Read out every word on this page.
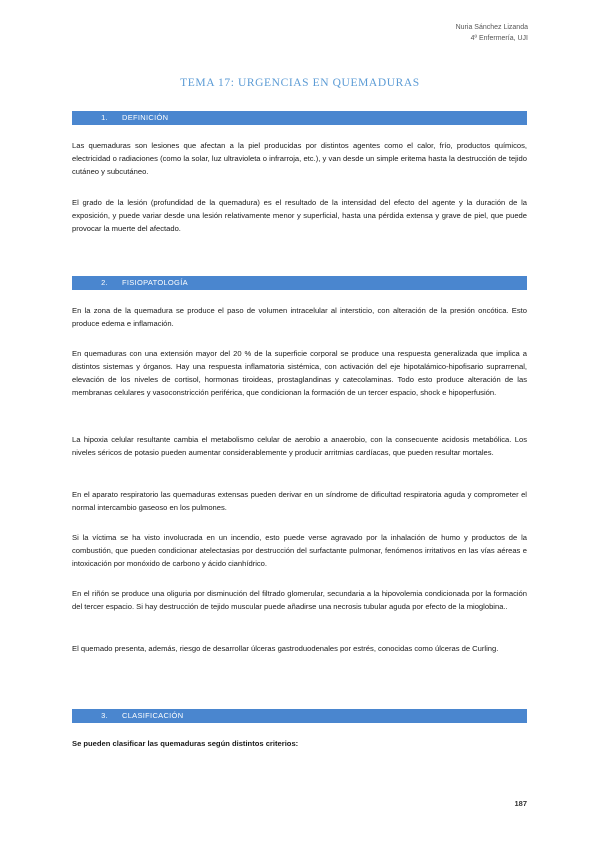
Nuria Sánchez Lizanda
4º Enfermería, UJI
TEMA 17: URGENCIAS EN QUEMADURAS
1. DEFINICIÓN

Las quemaduras son lesiones que afectan a la piel producidas por distintos agentes como el calor, frío, productos químicos, electricidad o radiaciones (como la solar, luz ultravioleta o infrarroja, etc.), y van desde un simple eritema hasta la destrucción de tejido cutáneo y subcutáneo.

El grado de la lesión (profundidad de la quemadura) es el resultado de la intensidad del efecto del agente y la duración de la exposición, y puede variar desde una lesión relativamente menor y superficial, hasta una pérdida extensa y grave de piel, que puede provocar la muerte del afectado.

2. FISIOPATOLOGÍA

En la zona de la quemadura se produce el paso de volumen intracelular al intersticio, con alteración de la presión oncótica. Esto produce edema e inflamación.

En quemaduras con una extensión mayor del 20 % de la superficie corporal se produce una respuesta generalizada que implica a distintos sistemas y órganos. Hay una respuesta inflamatoria sistémica, con activación del eje hipotalámico-hipofisario suprarrenal, elevación de los niveles de cortisol, hormonas tiroideas, prostaglandinas y catecolaminas. Todo esto produce alteración de las membranas celulares y vasoconstricción periférica, que condicionan la formación de un tercer espacio, shock e hipoperfusión.

La hipoxia celular resultante cambia el metabolismo celular de aerobio a anaerobio, con la consecuente acidosis metabólica. Los niveles séricos de potasio pueden aumentar considerablemente y producir arritmias cardíacas, que pueden resultar mortales.

En el aparato respiratorio las quemaduras extensas pueden derivar en un síndrome de dificultad respiratoria aguda y comprometer el normal intercambio gaseoso en los pulmones.

Si la víctima se ha visto involucrada en un incendio, esto puede verse agravado por la inhalación de humo y productos de la combustión, que pueden condicionar atelectasias por destrucción del surfactante pulmonar, fenómenos irritativos en las vías aéreas e intoxicación por monóxido de carbono y ácido cianhídrico.

En el riñón se produce una oliguria por disminución del filtrado glomerular, secundaria a la hipovolemia condicionada por la formación del tercer espacio. Si hay destrucción de tejido muscular puede añadirse una necrosis tubular aguda por efecto de la mioglobina..

El quemado presenta, además, riesgo de desarrollar úlceras gastroduodenales por estrés, conocidas como úlceras de Curling.

3. CLASIFICACIÓN

Se pueden clasificar las quemaduras según distintos criterios:

187
